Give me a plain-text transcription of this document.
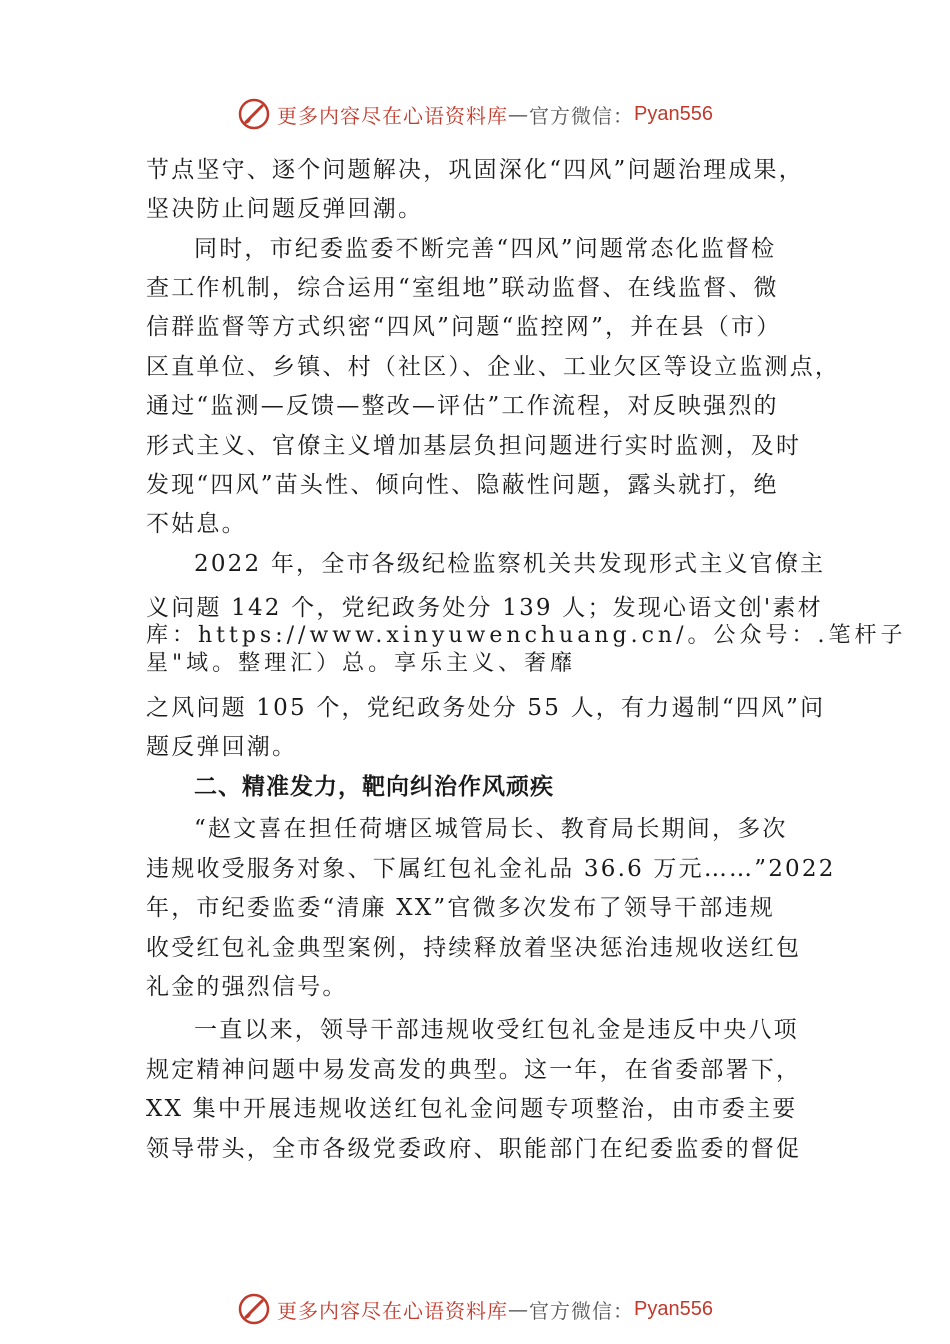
更多内容尽在心语资料库 — 官方微信： Pyan556
节点坚守、逐个问题解决，巩固深化“四风”问题治理成果，
坚决防止问题反弹回潮。
同时，市纪委监委不断完善“四风”问题常态化监督检
查工作机制，综合运用“室组地”联动监督、在线监督、微
信群监督等方式织密“四风”问题“监控网”，并在县（市）
区直单位、乡镇、村（社区）、企业、工业⽋区等设立监测点，
通过“监测—反馈—整改—评估”工作流程，对反映强烈的
形式主义、官僚主义增加基层负担问题进行实时监测，及时
发现“四风”苗头性、倾向性、隐蔽性问题，露头就打，绝
不姑息。
2022 年，全市各级纪检监察机关共发现形式主义官僚主
义问题 142 个，党纪政务处分 139 人；发现心语文创'素材
库：https://www.xinyuwenchuang.cn/。公众号：.笔杆子
星"域。整理汇）总。享乐主义、奢靡
之风问题 105 个，党纪政务处分 55 人，有力遏制“四风”问
题反弹回潮。
二、精准发力，靶向纠治作风顽疾
“赵文喜在担任荷塘区城管局长、教育局长期间，多次
违规收受服务对象、下属红包礼金礼品 36.6 万元……”2022
年，市纪委监委“清廉 XX”官微多次发布了领导干部违规
收受红包礼金典型案例，持续释放着坚决惩治违规收送红包
礼金的强烈信号。
一直以来，领导干部违规收受红包礼金是违反中央八项
规定精神问题中易发高发的典型。这一年，在省委部署下，
XX 集中开展违规收送红包礼金问题专项整治，由市委主要
领导带头，全市各级党委政府、职能部门在纪委监委的督促
更多内容尽在心语资料库 — 官方微信： Pyan556
